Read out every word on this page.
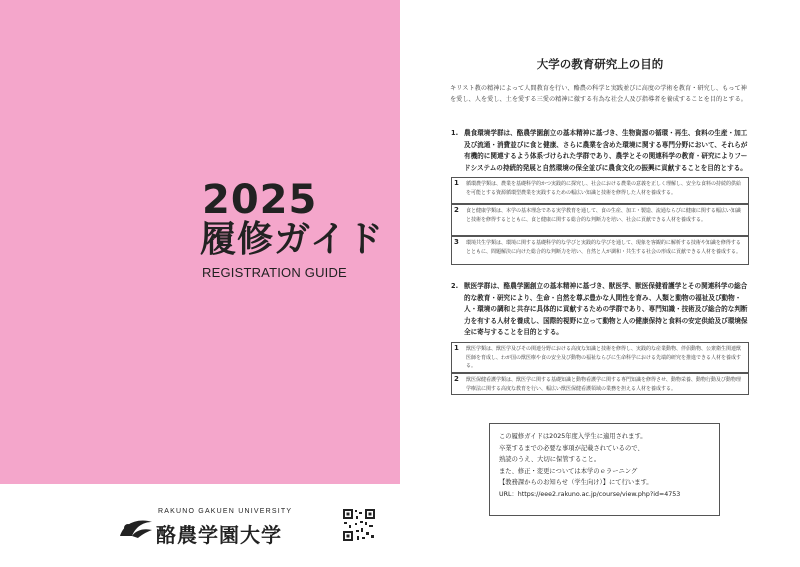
2025
履修ガイド
REGISTRATION GUIDE
RAKUNO GAKUEN UNIVERSITY
酪農学園大学
大学の教育研究上の目的
キリスト教の精神によって人間教育を行い、酪農の科学と実践並びに高度の学術を教育・研究し、もって神を愛し、人を愛し、土を愛する三愛の精神に徹する有為な社会人及び指導者を養成することを目的とする。
1. 農食環境学群は、酪農学園創立の基本精神に基づき、生物資源の循環・再生、食料の生産・加工及び流通・消費並びに食と健康、さらに農業を含めた環境に関する専門分野において、それらが有機的に関連するよう体系づけられた学群であり、農学とその関連科学の教育・研究によりフードシステムの持続的発展と自然環境の保全並びに農食文化の振興に貢献することを目的とする。
1	循環農学類は、農業を基礎科学的かつ実践的に探究し、社会における農業の意義を正しく理解し、安全な食料の持続的供給を可能とする資源循環型農業を実践するための幅広い知識と技術を修得した人材を養成する。
2	食と健康学類は、本学の基本理念である実学教育を通して、食の生産、加工・製造、流通ならびに健康に関する幅広い知識と技術を修得するとともに、食と健康に関する総合的な判断力を培い、社会に貢献できる人材を養成する。
3	環境共生学類は、環境に関する基礎科学的な学びと実践的な学びを通して、現象を客観的に解析する技術や知識を修得するとともに、問題解決に向けた総合的な判断力を培い、自然と人が調和・共生する社会の形成に貢献できる人材を養成する。
2. 獣医学群は、酪農学園創立の基本精神に基づき、獣医学、獣医保健看護学とその関連科学の総合的な教育・研究により、生命・自然を尊ぶ豊かな人間性を育み、人類と動物の福祉及び動物・人・環境の調和と共存に具体的に貢献するための学群であり、専門知識・技術及び総合的な判断力を有する人材を養成し、国際的視野に立って動物と人の健康保持と食料の安定供給及び環境保全に寄与することを目的とする。
1	獣医学類は、獣医学及びその関連分野における高度な知識と技術を修得し、実践的な産業動物、伴侶動物、公衆衛生関連獣医師を育成し、わが国の獣医療や食の安全及び動物の福祉ならびに生命科学における先端的研究を推進できる人材を養成する。
2	獣医保健看護学類は、獣医学に関する基礎知識と動物看護学に関する専門知識を修得させ、動物栄養、動物行動及び動物理学療法に関する高度な教育を行い、幅広い獣医保健看護領域の業務を担える人材を養成する。
この履修ガイドは2025年度入学生に適用されます。
卒業するまでの必要な事項が記載されているので、
熟読のうえ、大切に保管すること。
また、修正・変更については本学のｅラーニング
【教務課からのお知らせ（学生向け）】にて行います。
URL：https://eee2.rakuno.ac.jp/course/view.php?id=4753
